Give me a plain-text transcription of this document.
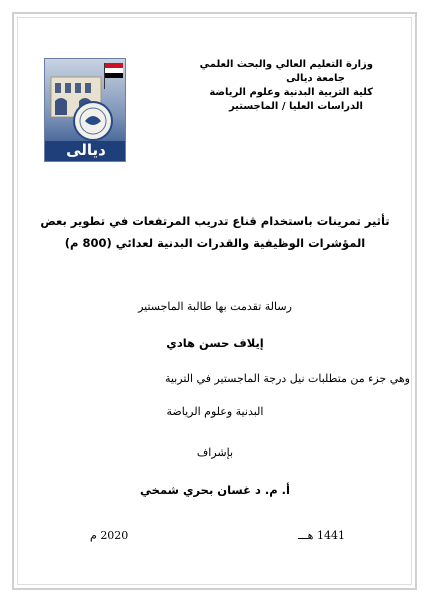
ديالى
وزارة التعليم العالي والبحث العلمي
جامعة ديالى
كلية التربية البدنية وعلوم الرياضة
الدراسات العليا / الماجستير
تأثير تمرينات باستخدام قناع تدريب المرتفعات في تطوير بعض
المؤشرات الوظيفية والقدرات البدنية لعدائي (800 م)
رسالة تقدمت بها طالبة الماجستير
إيلاف حسن هادي
وهي جزء من متطلبات نيل درجة الماجستير في التربية
البدنية وعلوم الرياضة
بإشراف
أ. م. د غسان بحري شمخي
1441 هـــ
2020 م
